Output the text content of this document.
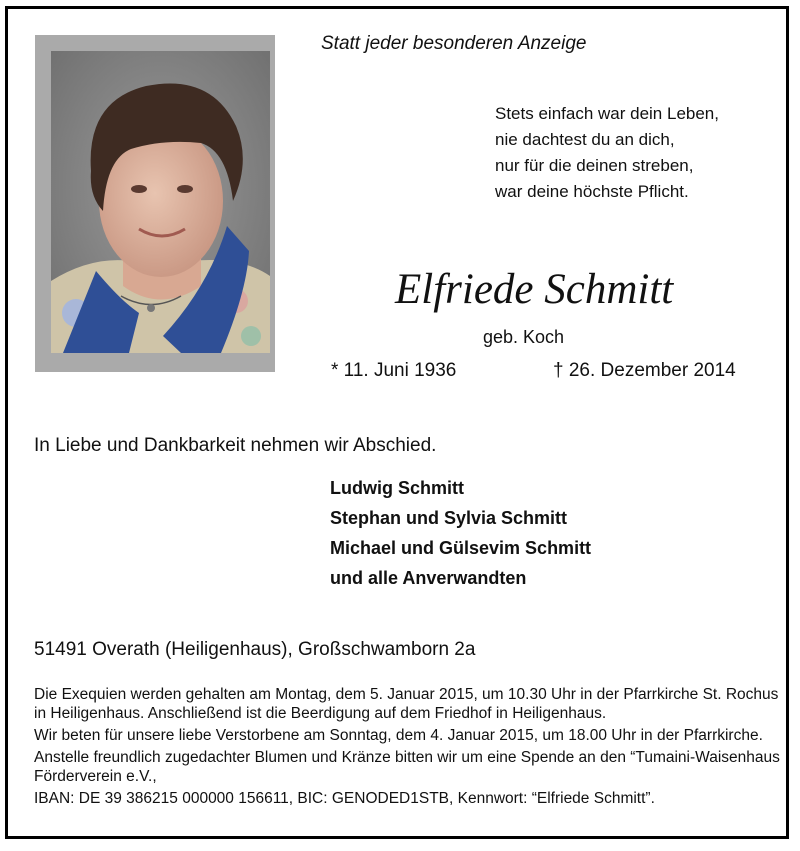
Statt jeder besonderen Anzeige
Stets einfach war dein Leben,
nie dachtest du an dich,
nur für die deinen streben,
war deine höchste Pflicht.
Elfriede Schmitt
geb. Koch
* 11. Juni 1936	† 26. Dezember 2014
In Liebe und Dankbarkeit nehmen wir Abschied.
Ludwig Schmitt
Stephan und Sylvia Schmitt
Michael und Gülsevim Schmitt
und alle Anverwandten
51491 Overath (Heiligenhaus), Großschwamborn 2a
Die Exequien werden gehalten am Montag, dem 5. Januar 2015, um 10.30 Uhr in der Pfarrkirche St. Rochus in Heiligenhaus. Anschließend ist die Beerdigung auf dem Friedhof in Heiligenhaus.
Wir beten für unsere liebe Verstorbene am Sonntag, dem 4. Januar 2015, um 18.00 Uhr in der Pfarrkirche.
Anstelle freundlich zugedachter Blumen und Kränze bitten wir um eine Spende an den “Tumaini-Waisenhaus Förderverein e.V.,
IBAN: DE 39 386215 000000 156611, BIC: GENODED1STB, Kennwort: “Elfriede Schmitt”.
